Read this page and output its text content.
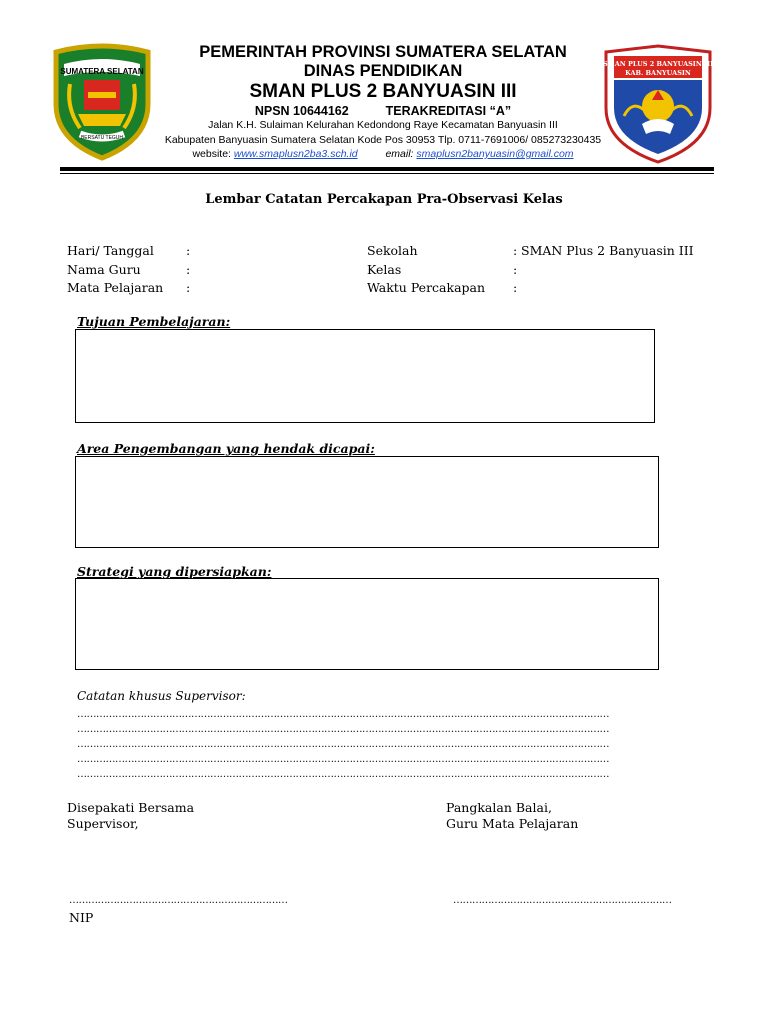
SUMATERA SELATAN
BERSATU TEGUH
SMAN PLUS 2 BANYUASIN III
KAB. BANYUASIN
PEMERINTAH PROVINSI SUMATERA SELATAN
DINAS PENDIDIKAN
SMAN PLUS 2 BANYUASIN III
NPSN 10644162	TERAKREDITASI “A”
Jalan K.H. Sulaiman Kelurahan Kedondong Raye Kecamatan Banyuasin III
Kabupaten Banyuasin Sumatera Selatan Kode Pos 30953 Tlp. 0711-7691006/ 085273230435
website: www.smaplusn2ba3.sch.id	email: smaplusn2banyuasin@gmail.com
Lembar Catatan Percakapan Pra-Observasi Kelas
Hari/ Tanggal	:
Nama Guru	:
Mata Pelajaran :
Sekolah	: SMAN Plus 2 Banyuasin III
Kelas	:
Waktu Percakapan :
Tujuan Pembelajaran:
Area Pengembangan yang hendak dicapai:
Strategi yang dipersiapkan:
Catatan khusus Supervisor:
……………………………………………………………………………………………………………………………………………………
……………………………………………………………………………………………………………………………………………………
……………………………………………………………………………………………………………………………………………………
……………………………………………………………………………………………………………………………………………………
……………………………………………………………………………………………………………………………………………………
Disepakati Bersama
Supervisor,
Pangkalan Balai,
Guru Mata Pelajaran
……………………………………………………………	……………………………………………………………
NIP
